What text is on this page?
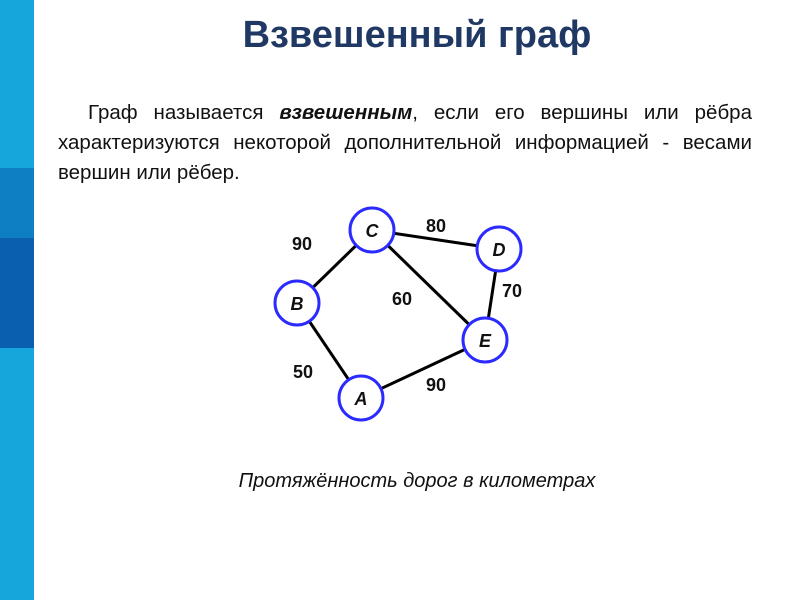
Взвешенный граф

Граф называется взвешенным, если его вершины или рёбра характеризуются некоторой дополнительной информацией - весами вершин или рёбер.

90
80
60	70
50
90
A
B
C
D
E
Протяжённость дорог в километрах
